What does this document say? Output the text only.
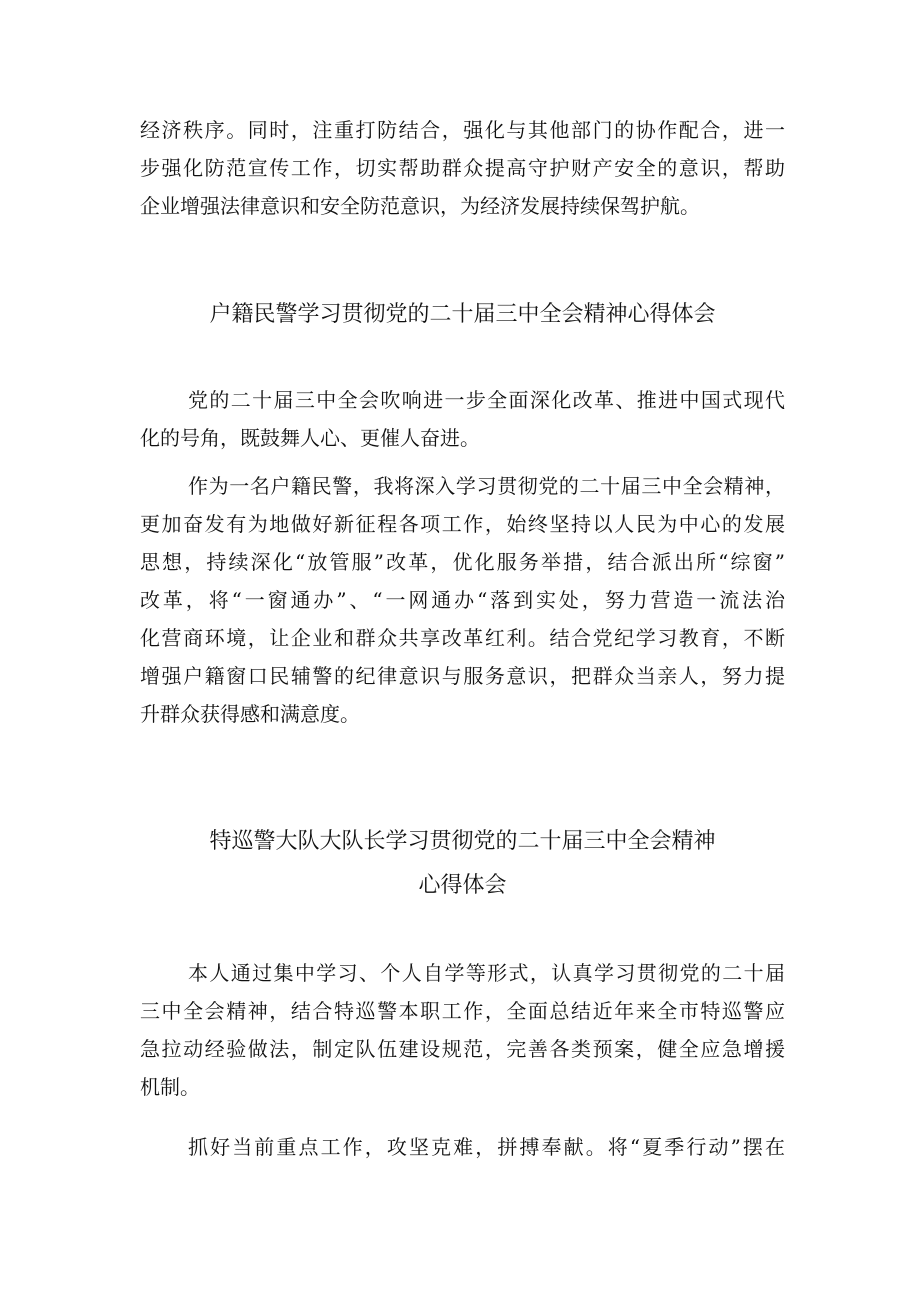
经济秩序。同时，注重打防结合，强化与其他部门的协作配合，进一
步强化防范宣传工作，切实帮助群众提高守护财产安全的意识，帮助
企业增强法律意识和安全防范意识，为经济发展持续保驾护航。
户籍民警学习贯彻党的二十届三中全会精神心得体会
党的二十届三中全会吹响进一步全面深化改革、推进中国式现代
化的号角，既鼓舞人心、更催人奋进。
作为一名户籍民警，我将深入学习贯彻党的二十届三中全会精神，
更加奋发有为地做好新征程各项工作，始终坚持以人民为中心的发展
思想，持续深化“放管服”改革，优化服务举措，结合派出所“综窗”
改革，将“一窗通办”、“一网通办“落到实处，努力营造一流法治
化营商环境，让企业和群众共享改革红利。结合党纪学习教育，不断
增强户籍窗口民辅警的纪律意识与服务意识，把群众当亲人，努力提
升群众获得感和满意度。
特巡警大队大队长学习贯彻党的二十届三中全会精神
心得体会
本人通过集中学习、个人自学等形式，认真学习贯彻党的二十届
三中全会精神，结合特巡警本职工作，全面总结近年来全市特巡警应
急拉动经验做法，制定队伍建设规范，完善各类预案，健全应急增援
机制。
抓好当前重点工作，攻坚克难，拼搏奉献。将“夏季行动”摆在
